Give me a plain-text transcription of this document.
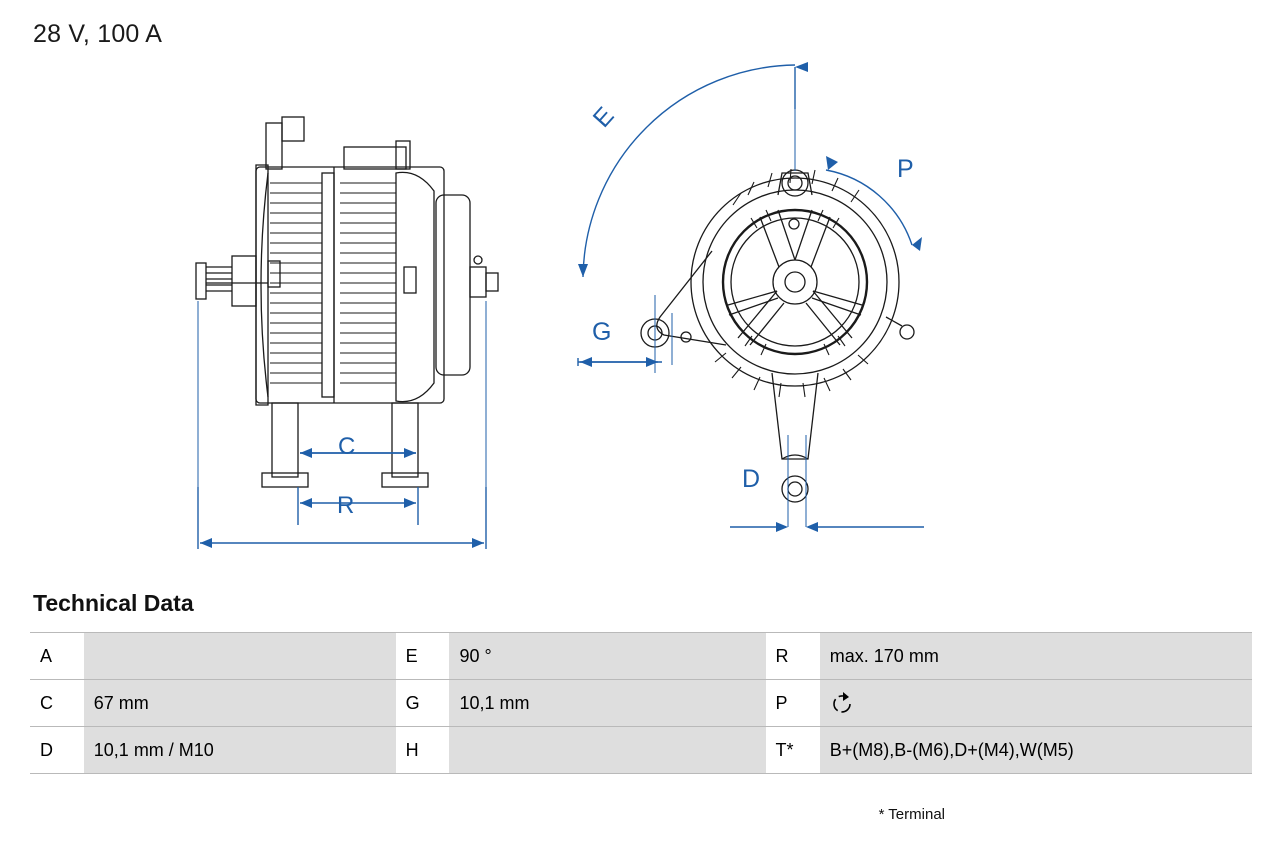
28 V, 100 A
C
R
E
G
P
D
Technical Data
A		E	90 °	R	max. 170 mm
C	67 mm	G	10,1 mm	P	
D	10,1 mm / M10	H		T*	B+(M8),B-(M6),D+(M4),W(M5)
* Terminal
